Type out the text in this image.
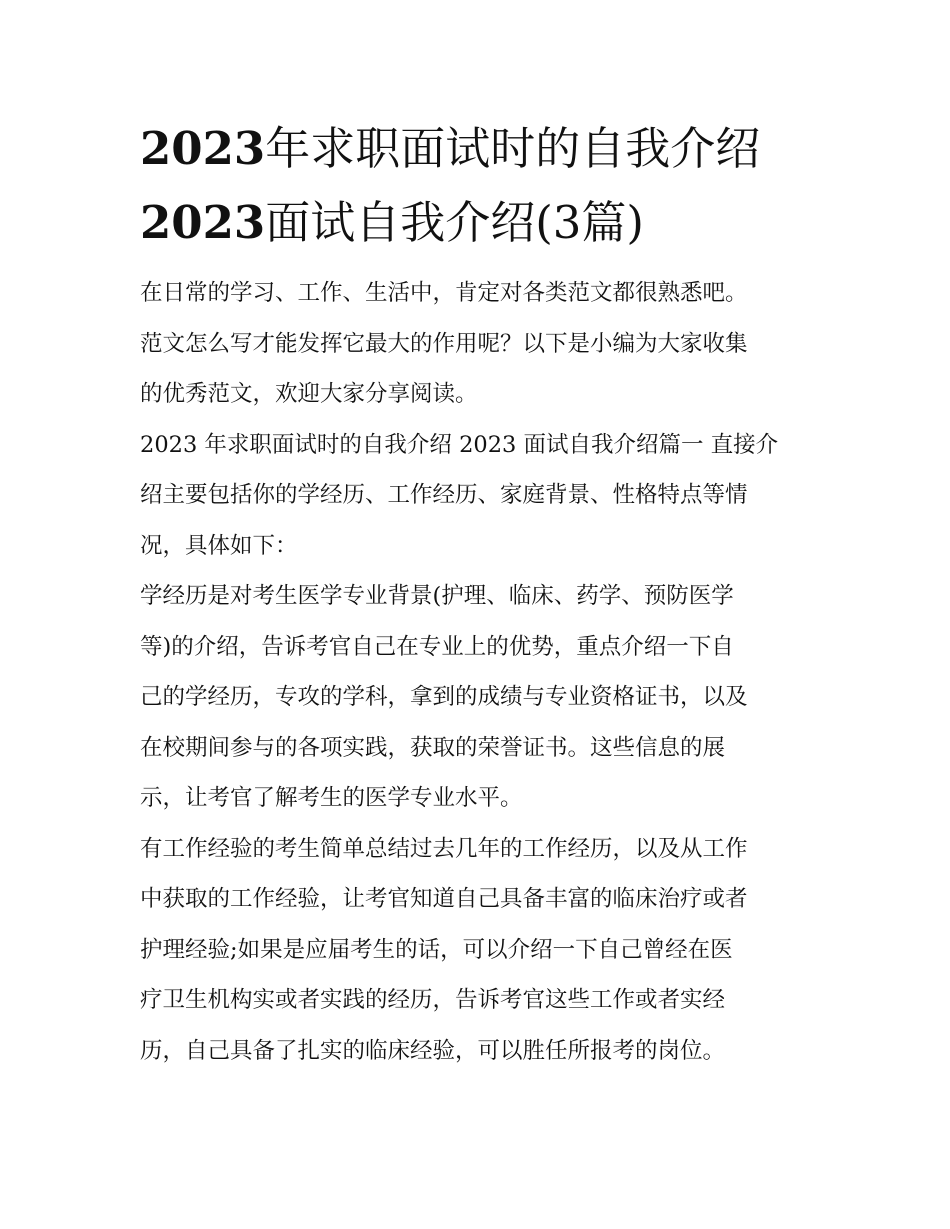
2023年求职面试时的自我介绍
2023面试自我介绍(3篇)

在日常的学习、工作、生活中，肯定对各类范文都很熟悉吧。
范文怎么写才能发挥它最大的作用呢？以下是小编为大家收集
的优秀范文，欢迎大家分享阅读。

2023 年求职面试时的自我介绍 2023 面试自我介绍篇一 直接介
绍主要包括你的学经历、工作经历、家庭背景、性格特点等情
况，具体如下：

学经历是对考生医学专业背景(护理、临床、药学、预防医学
等)的介绍，告诉考官自己在专业上的优势，重点介绍一下自
己的学经历，专攻的学科，拿到的成绩与专业资格证书，以及
在校期间参与的各项实践，获取的荣誉证书。这些信息的展
示，让考官了解考生的医学专业水平。

有工作经验的考生简单总结过去几年的工作经历，以及从工作
中获取的工作经验，让考官知道自己具备丰富的临床治疗或者
护理经验;如果是应届考生的话，可以介绍一下自己曾经在医
疗卫生机构实或者实践的经历，告诉考官这些工作或者实经
历，自己具备了扎实的临床经验，可以胜任所报考的岗位。
